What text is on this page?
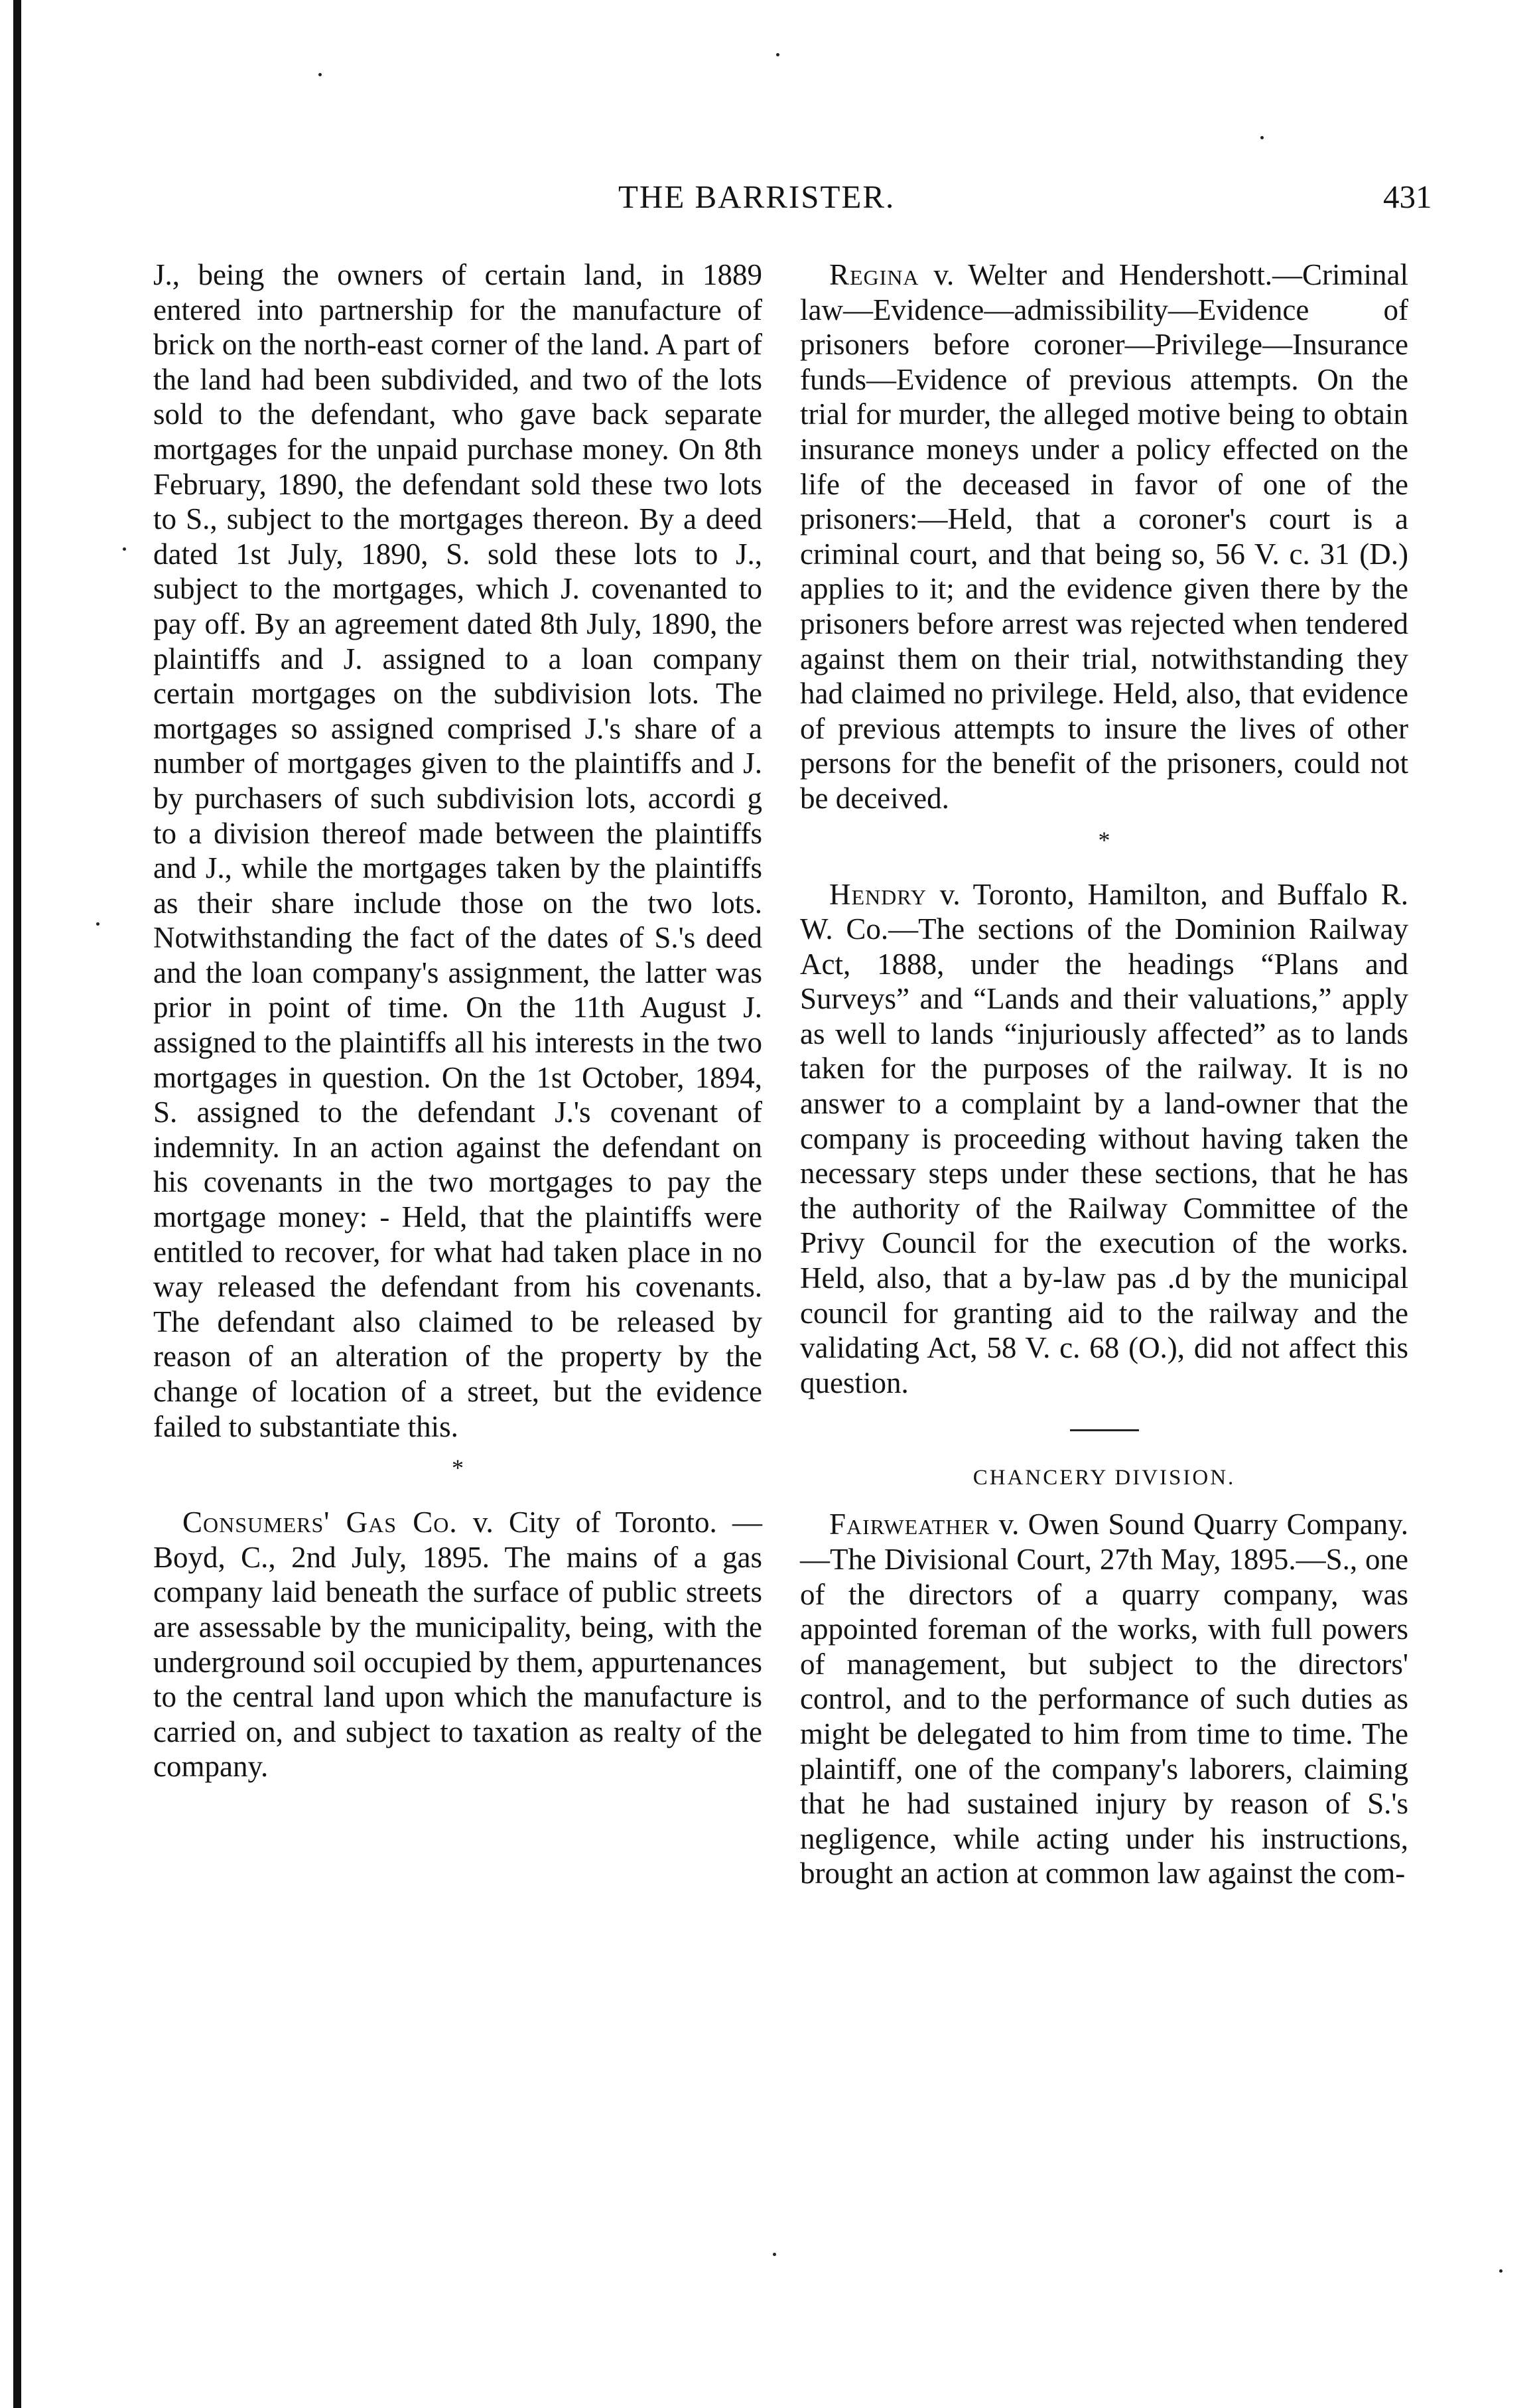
THE BARRISTER.	431

J., being the owners of certain land, in 1889 entered into partnership for the manufacture of brick on the north-east corner of the land. A part of the land had been subdivided, and two of the lots sold to the defendant, who gave back separate mortgages for the unpaid purchase money. On 8th February, 1890, the defendant sold these two lots to S., subject to the mortgages thereon. By a deed dated 1st July, 1890, S. sold these lots to J., subject to the mortgages, which J. covenanted to pay off. By an agreement dated 8th July, 1890, the plaintiffs and J. assigned to a loan company certain mortgages on the subdivision lots. The mortgages so assigned comprised J.'s share of a number of mortgages given to the plaintiffs and J. by purchasers of such subdivision lots, accordi g to a division thereof made between the plaintiffs and J., while the mortgages taken by the plaintiffs as their share include those on the two lots. Notwithstanding the fact of the dates of S.'s deed and the loan company's assignment, the latter was prior in point of time. On the 11th August J. assigned to the plaintiffs all his interests in the two mortgages in question. On the 1st October, 1894, S. assigned to the defendant J.'s covenant of indemnity. In an action against the defendant on his covenants in the two mortgages to pay the mortgage money: - Held, that the plaintiffs were entitled to recover, for what had taken place in no way released the defendant from his covenants. The defendant also claimed to be released by reason of an alteration of the property by the change of location of a street, but the evidence failed to substantiate this.

*

Consumers' Gas Co. v. City of Toronto. — Boyd, C., 2nd July, 1895. The mains of a gas company laid beneath the surface of public streets are assessable by the municipality, being, with the underground soil occupied by them, appurtenances to the central land upon which the manufacture is carried on, and subject to taxation as realty of the company.

Regina v. Welter and Hendershott.—Criminal law—Evidence—admissibility—Evidence of prisoners before coroner—Privilege—Insurance funds—Evidence of previous attempts. On the trial for murder, the alleged motive being to obtain insurance moneys under a policy effected on the life of the deceased in favor of one of the prisoners:—Held, that a coroner's court is a criminal court, and that being so, 56 V. c. 31 (D.) applies to it; and the evidence given there by the prisoners before arrest was rejected when tendered against them on their trial, notwithstanding they had claimed no privilege. Held, also, that evidence of previous attempts to insure the lives of other persons for the benefit of the prisoners, could not be deceived.

*

Hendry v. Toronto, Hamilton, and Buffalo R. W. Co.—The sections of the Dominion Railway Act, 1888, under the headings “Plans and Surveys” and “Lands and their valuations,” apply as well to lands “injuriously affected” as to lands taken for the purposes of the railway. It is no answer to a complaint by a land-owner that the company is proceeding without having taken the necessary steps under these sections, that he has the authority of the Railway Committee of the Privy Council for the execution of the works. Held, also, that a by-law pas .d by the municipal council for granting aid to the railway and the validating Act, 58 V. c. 68 (O.), did not affect this question.

CHANCERY DIVISION.

Fairweather v. Owen Sound Quarry Company.—The Divisional Court, 27th May, 1895.—S., one of the directors of a quarry company, was appointed foreman of the works, with full powers of management, but subject to the directors' control, and to the performance of such duties as might be delegated to him from time to time. The plaintiff, one of the company's laborers, claiming that he had sustained injury by reason of S.'s negligence, while acting under his instructions, brought an action at common law against the com-
